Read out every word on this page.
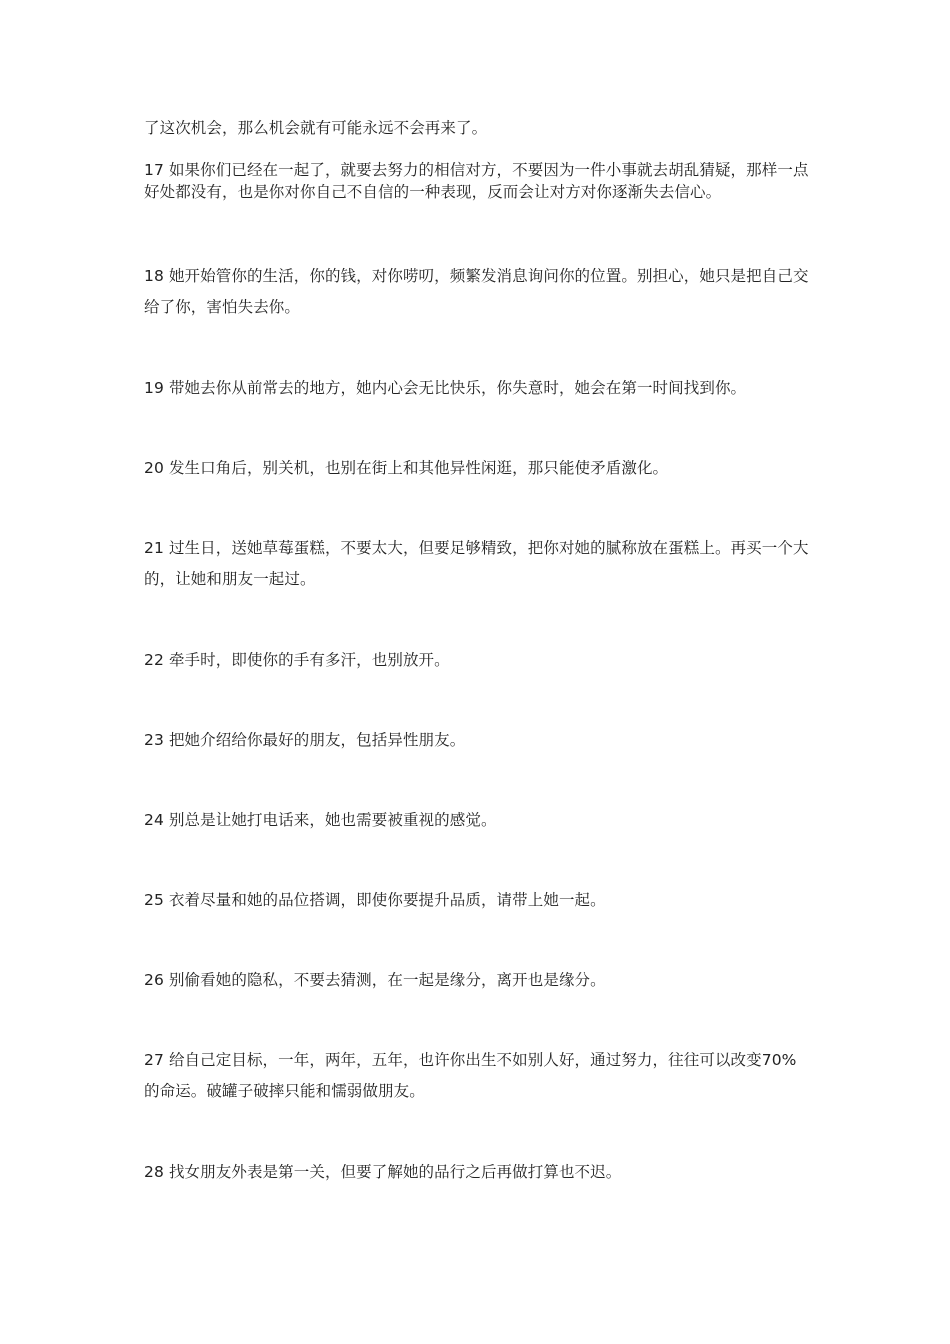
了这次机会，那么机会就有可能永远不会再来了。

17 如果你们已经在一起了，就要去努力的相信对方，不要因为一件小事就去胡乱猜疑，那样一点好处都没有，也是你对你自己不自信的一种表现，反而会让对方对你逐渐失去信心。

18 她开始管你的生活，你的钱，对你唠叨，频繁发消息询问你的位置。别担心，她只是把自己交给了你，害怕失去你。

19 带她去你从前常去的地方，她内心会无比快乐，你失意时，她会在第一时间找到你。

20 发生口角后，别关机，也别在街上和其他异性闲逛，那只能使矛盾激化。

21 过生日，送她草莓蛋糕，不要太大，但要足够精致，把你对她的腻称放在蛋糕上。再买一个大的，让她和朋友一起过。

22 牵手时，即使你的手有多汗，也别放开。

23 把她介绍给你最好的朋友，包括异性朋友。

24 别总是让她打电话来，她也需要被重视的感觉。

25 衣着尽量和她的品位搭调，即使你要提升品质，请带上她一起。

26 别偷看她的隐私，不要去猜测，在一起是缘分，离开也是缘分。

27 给自己定目标，一年，两年，五年，也许你出生不如别人好，通过努力，往往可以改变70%的命运。破罐子破摔只能和懦弱做朋友。

28 找女朋友外表是第一关，但要了解她的品行之后再做打算也不迟。
